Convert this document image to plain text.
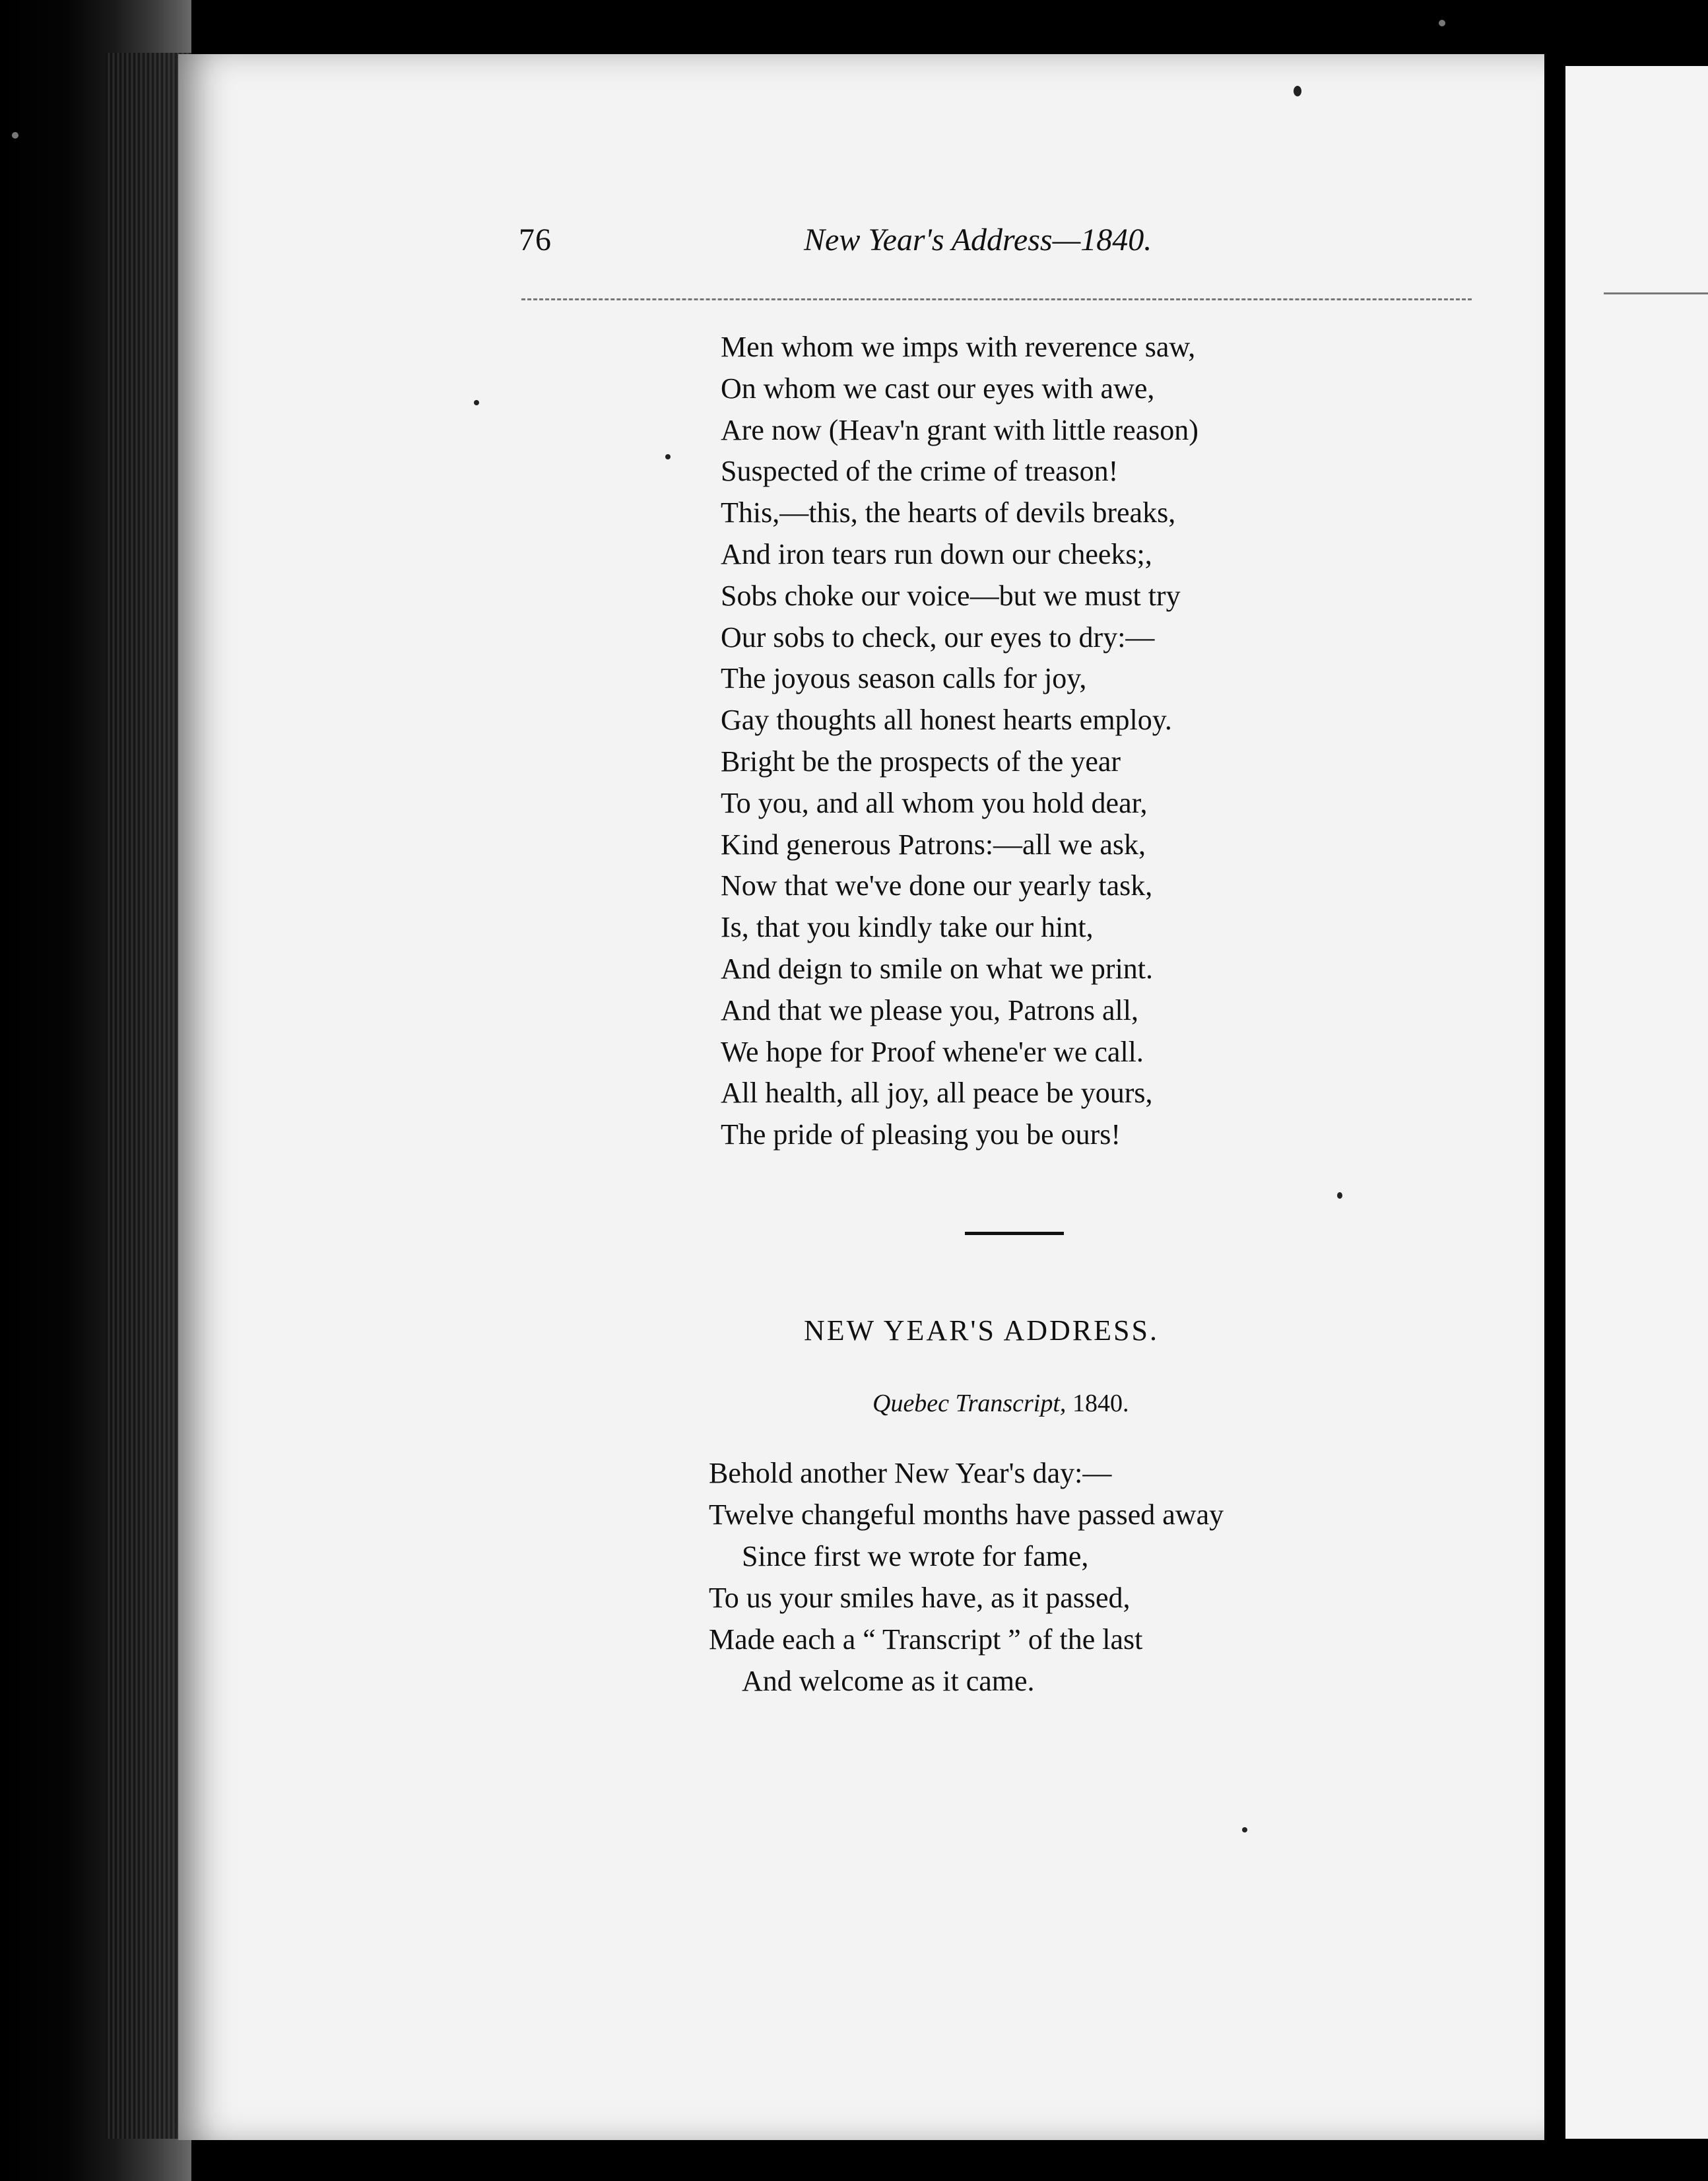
76	New Year's Address—1840.
Men whom we imps with reverence saw,
On whom we cast our eyes with awe,
Are now (Heav'n grant with little reason)
Suspected of the crime of treason!
This,—this, the hearts of devils breaks,
And iron tears run down our cheeks;,
Sobs choke our voice—but we must try
Our sobs to check, our eyes to dry:—
The joyous season calls for joy,
Gay thoughts all honest hearts employ.
Bright be the prospects of the year
To you, and all whom you hold dear,
Kind generous Patrons:—all we ask,
Now that we've done our yearly task,
Is, that you kindly take our hint,
And deign to smile on what we print.
And that we please you, Patrons all,
We hope for Proof whene'er we call.
All health, all joy, all peace be yours,
The pride of pleasing you be ours!
NEW YEAR'S ADDRESS.
Quebec Transcript, 1840.
Behold another New Year's day:—
Twelve changeful months have passed away
Since first we wrote for fame,
To us your smiles have, as it passed,
Made each a “ Transcript ” of the last
And welcome as it came.
